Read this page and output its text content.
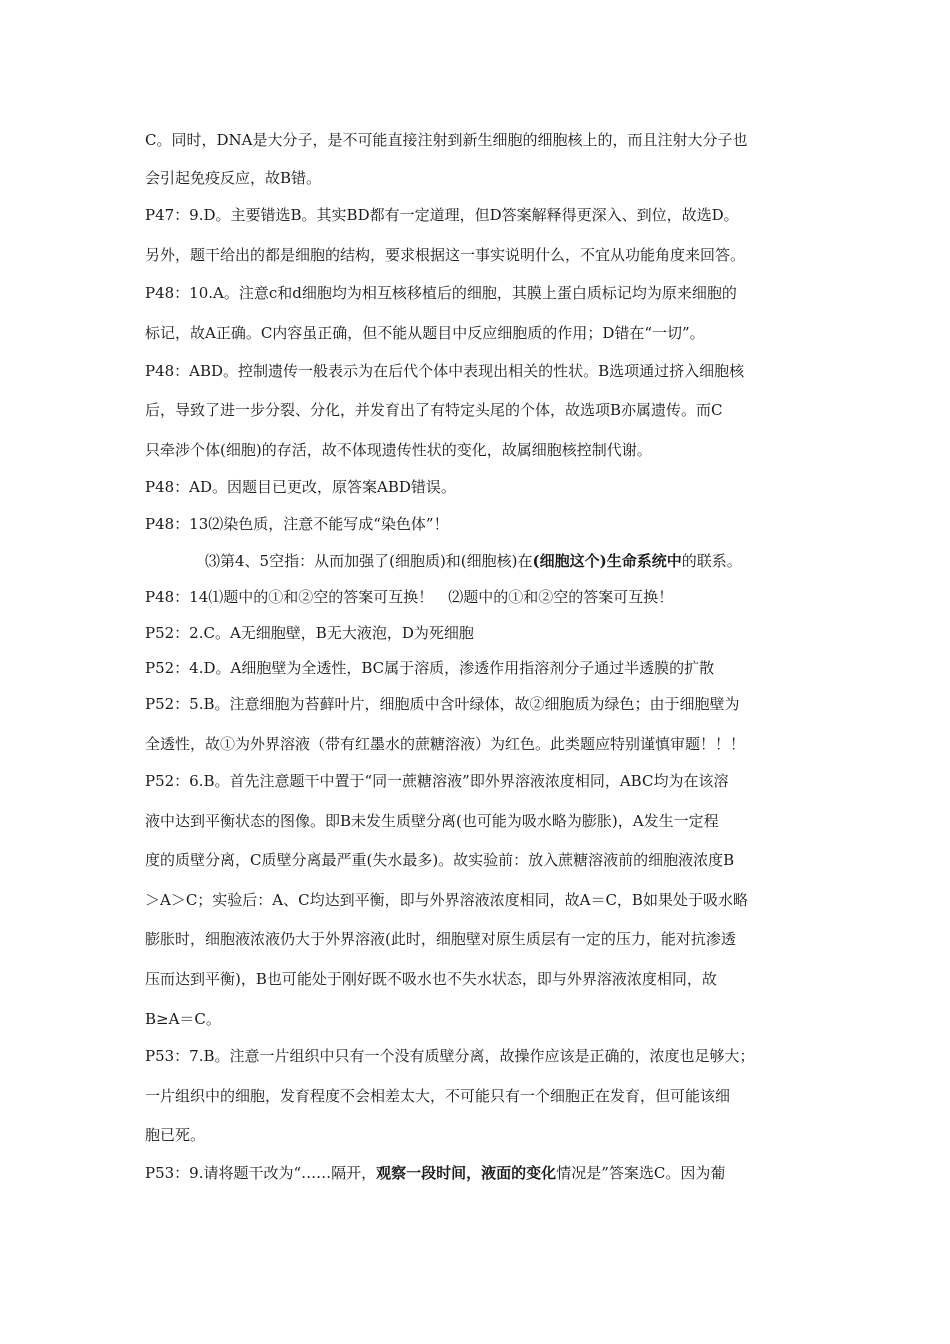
C。同时，DNA是大分子，是不可能直接注射到新生细胞的细胞核上的，而且注射大分子也
会引起免疫反应，故B错。
P47：9.D。主要错选B。其实BD都有一定道理，但D答案解释得更深入、到位，故选D。
另外，题干给出的都是细胞的结构，要求根据这一事实说明什么，不宜从功能角度来回答。
P48：10.A。注意c和d细胞均为相互核移植后的细胞，其膜上蛋白质标记均为原来细胞的
标记，故A正确。C内容虽正确，但不能从题目中反应细胞质的作用；D错在“一切”。
P48：ABD。控制遗传一般表示为在后代个体中表现出相关的性状。B选项通过挤入细胞核
后，导致了进一步分裂、分化，并发育出了有特定头尾的个体，故选项B亦属遗传。而C
只牵涉个体(细胞)的存活，故不体现遗传性状的变化，故属细胞核控制代谢。
P48：AD。因题目已更改，原答案ABD错误。
P48：13⑵染色质，注意不能写成“染色体”！
⑶第4、5空指：从而加强了(细胞质)和(细胞核)在(细胞这个)生命系统中的联系。
P48：14⑴题中的①和②空的答案可互换！　⑵题中的①和②空的答案可互换！
P52：2.C。A无细胞壁，B无大液泡，D为死细胞
P52：4.D。A细胞壁为全透性，BC属于溶质，渗透作用指溶剂分子通过半透膜的扩散
P52：5.B。注意细胞为苔藓叶片，细胞质中含叶绿体，故②细胞质为绿色；由于细胞壁为
全透性，故①为外界溶液（带有红墨水的蔗糖溶液）为红色。此类题应特别谨慎审题！！！
P52：6.B。首先注意题干中置于“同一蔗糖溶液”即外界溶液浓度相同，ABC均为在该溶
液中达到平衡状态的图像。即B未发生质壁分离(也可能为吸水略为膨胀)，A发生一定程
度的质壁分离，C质壁分离最严重(失水最多)。故实验前：放入蔗糖溶液前的细胞液浓度B
＞A＞C；实验后：A、C均达到平衡，即与外界溶液浓度相同，故A＝C，B如果处于吸水略
膨胀时，细胞液浓液仍大于外界溶液(此时，细胞壁对原生质层有一定的压力，能对抗渗透
压而达到平衡)，B也可能处于刚好既不吸水也不失水状态，即与外界溶液浓度相同，故
B≥A＝C。
P53：7.B。注意一片组织中只有一个没有质壁分离，故操作应该是正确的，浓度也足够大；
一片组织中的细胞，发育程度不会相差太大，不可能只有一个细胞正在发育，但可能该细
胞已死。
P53：9.请将题干改为“……隔开，观察一段时间，液面的变化情况是”答案选C。因为葡
